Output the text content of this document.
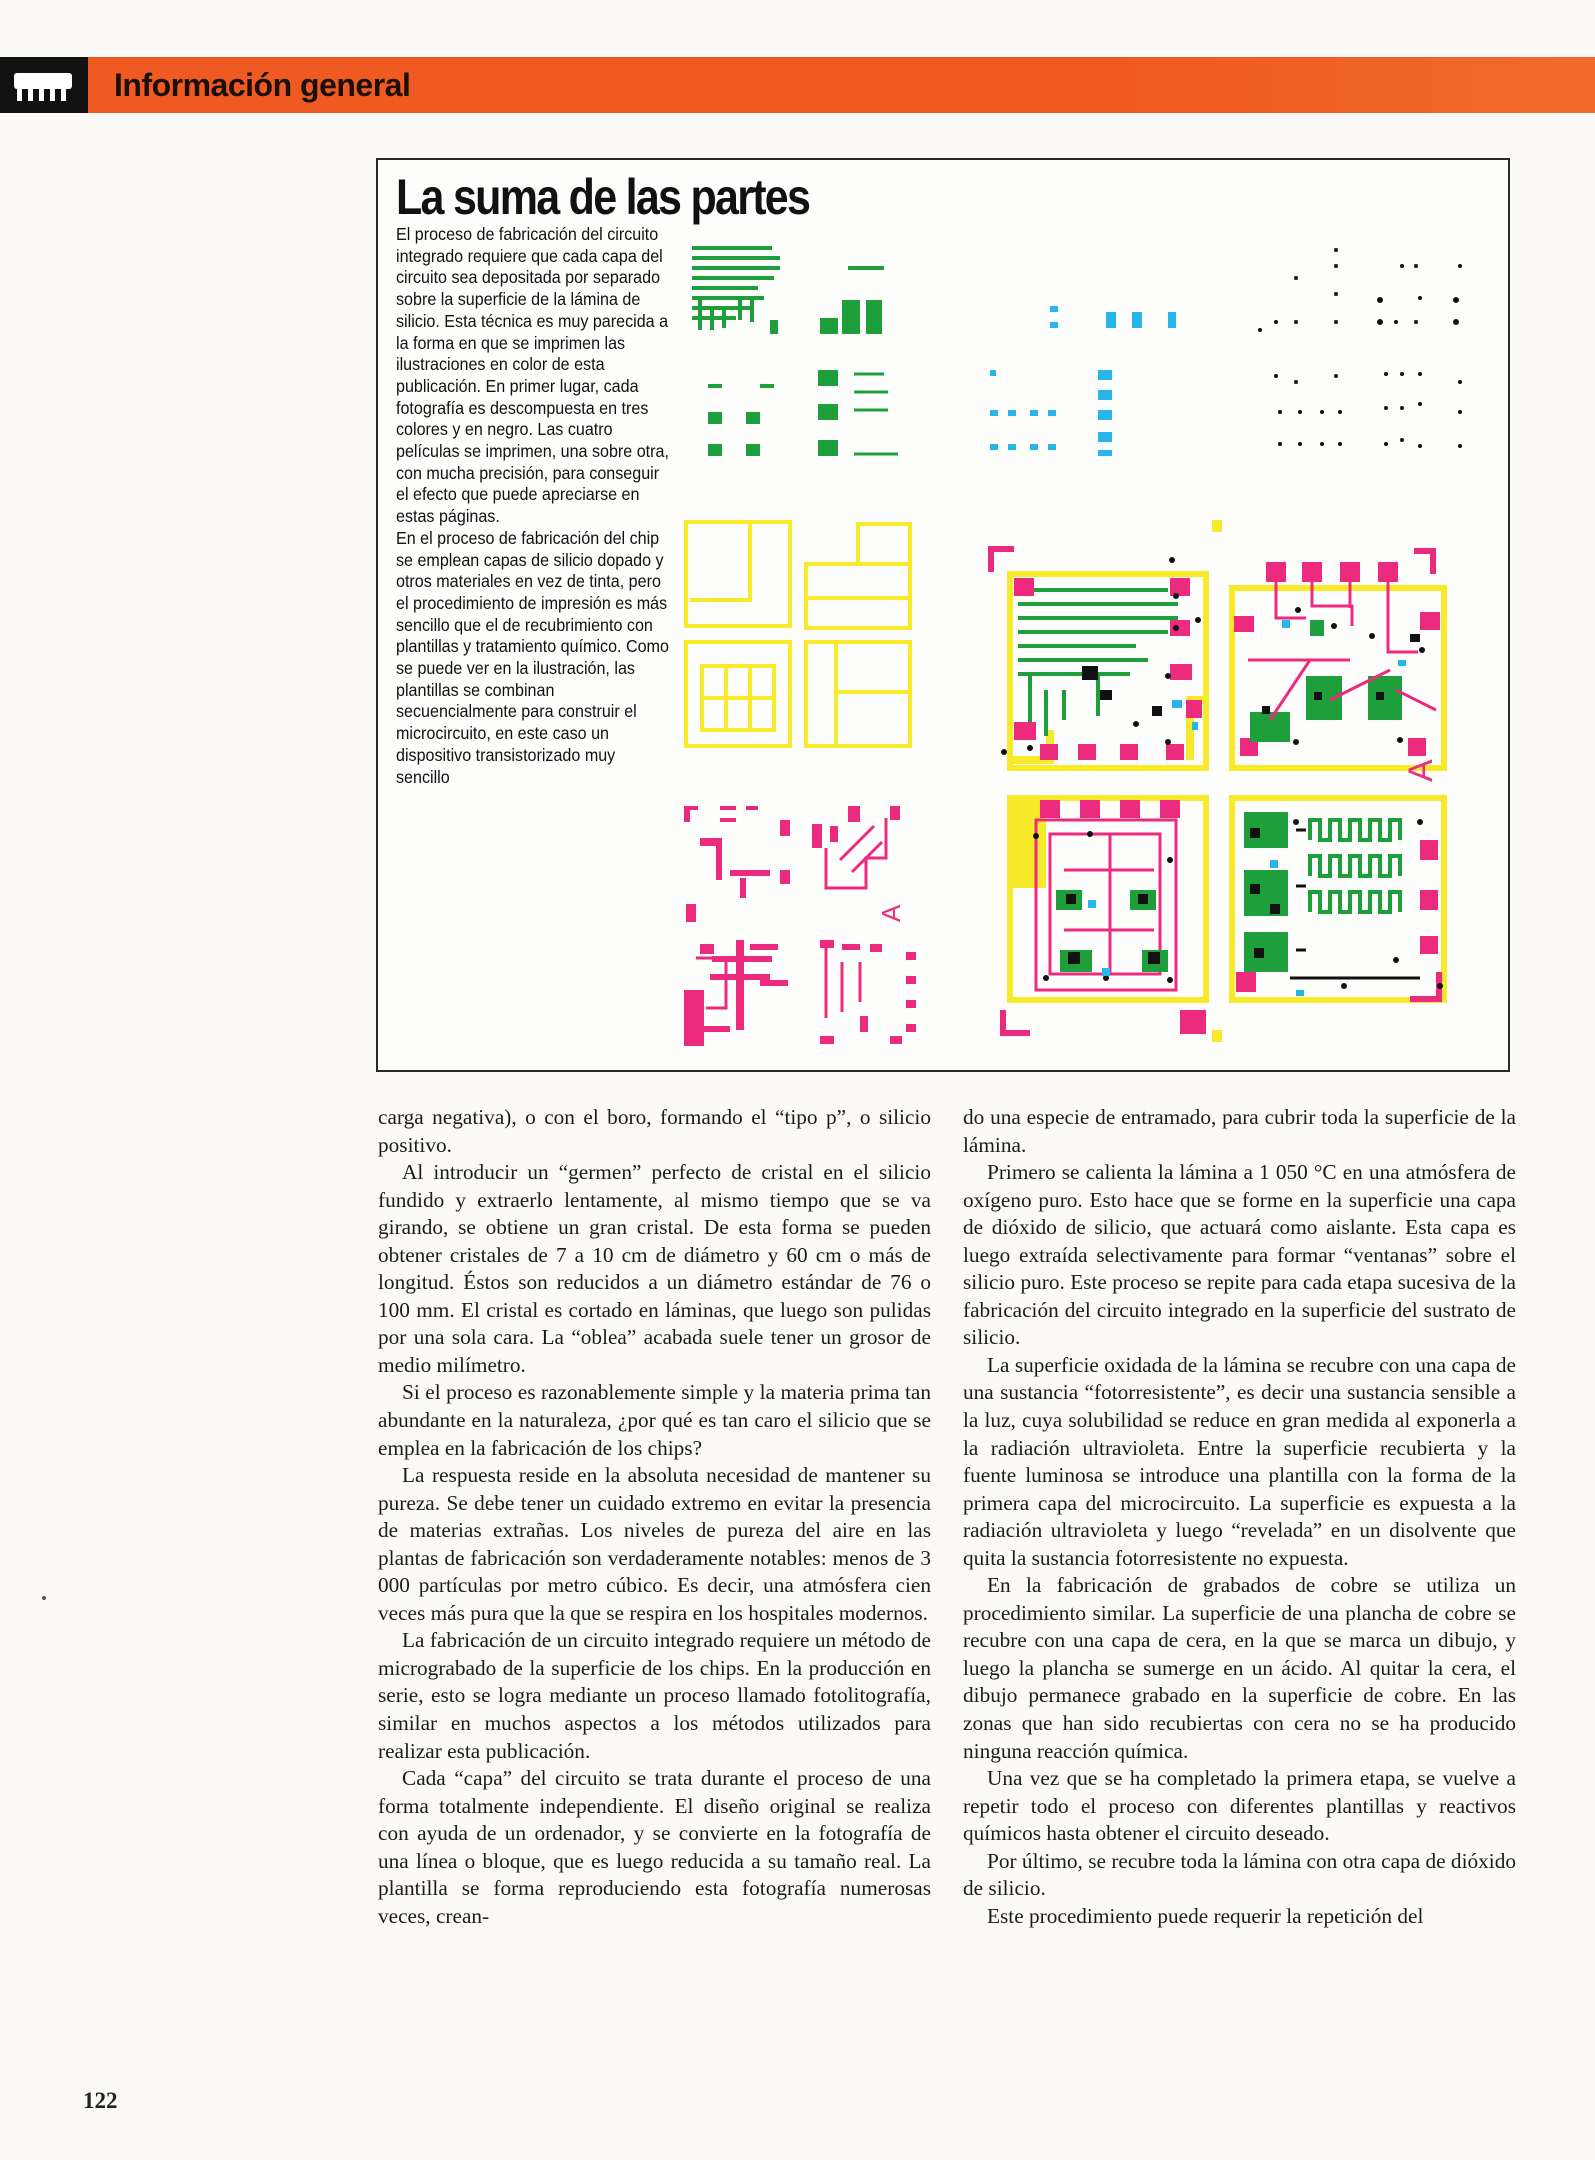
Información general
La suma de las partes

El proceso de fabricación del circuito integrado requiere que cada capa del circuito sea depositada por separado sobre la superficie de la lámina de silicio. Esta técnica es muy parecida a la forma en que se imprimen las ilustraciones en color de esta publicación. En primer lugar, cada fotografía es descompuesta en tres colores y en negro. Las cuatro películas se imprimen, una sobre otra, con mucha precisión, para conseguir el efecto que puede apreciarse en estas páginas.

En el proceso de fabricación del chip se emplean capas de silicio dopado y otros materiales en vez de tinta, pero el procedimiento de impresión es más sencillo que el de recubrimiento con plantillas y tratamiento químico. Como se puede ver en la ilustración, las plantillas se combinan secuencialmente para construir el microcircuito, en este caso un dispositivo transistorizado muy sencillo

A
A

carga negativa), o con el boro, formando el “tipo p”, o silicio positivo.

Al introducir un “germen” perfecto de cristal en el silicio fundido y extraerlo lentamente, al mismo tiempo que se va girando, se obtiene un gran cristal. De esta forma se pueden obtener cristales de 7 a 10 cm de diámetro y 60 cm o más de longitud. Éstos son reducidos a un diámetro estándar de 76 o 100 mm. El cristal es cortado en láminas, que luego son pulidas por una sola cara. La “oblea” acabada suele tener un grosor de medio milímetro.

Si el proceso es razonablemente simple y la materia prima tan abundante en la naturaleza, ¿por qué es tan caro el silicio que se emplea en la fabricación de los chips?

La respuesta reside en la absoluta necesidad de mantener su pureza. Se debe tener un cuidado extremo en evitar la presencia de materias extrañas. Los niveles de pureza del aire en las plantas de fabricación son verdaderamente notables: menos de 3 000 partículas por metro cúbico. Es decir, una atmósfera cien veces más pura que la que se respira en los hospitales modernos.

La fabricación de un circuito integrado requiere un método de micrograbado de la superficie de los chips. En la producción en serie, esto se logra mediante un proceso llamado fotolitografía, similar en muchos aspectos a los métodos utilizados para realizar esta publicación.

Cada “capa” del circuito se trata durante el proceso de una forma totalmente independiente. El diseño original se realiza con ayuda de un ordenador, y se convierte en la fotografía de una línea o bloque, que es luego reducida a su tamaño real. La plantilla se forma reproduciendo esta fotografía numerosas veces, crean-

do una especie de entramado, para cubrir toda la superficie de la lámina.

Primero se calienta la lámina a 1 050 °C en una atmósfera de oxígeno puro. Esto hace que se forme en la superficie una capa de dióxido de silicio, que actuará como aislante. Esta capa es luego extraída selectivamente para formar “ventanas” sobre el silicio puro. Este proceso se repite para cada etapa sucesiva de la fabricación del circuito integrado en la superficie del sustrato de silicio.

La superficie oxidada de la lámina se recubre con una capa de una sustancia “fotorresistente”, es decir una sustancia sensible a la luz, cuya solubilidad se reduce en gran medida al exponerla a la radiación ultravioleta. Entre la superficie recubierta y la fuente luminosa se introduce una plantilla con la forma de la primera capa del microcircuito. La superficie es expuesta a la radiación ultravioleta y luego “revelada” en un disolvente que quita la sustancia fotorresistente no expuesta.

En la fabricación de grabados de cobre se utiliza un procedimiento similar. La superficie de una plancha de cobre se recubre con una capa de cera, en la que se marca un dibujo, y luego la plancha se sumerge en un ácido. Al quitar la cera, el dibujo permanece grabado en la superficie de cobre. En las zonas que han sido recubiertas con cera no se ha producido ninguna reacción química.

Una vez que se ha completado la primera etapa, se vuelve a repetir todo el proceso con diferentes plantillas y reactivos químicos hasta obtener el circuito deseado.

Por último, se recubre toda la lámina con otra capa de dióxido de silicio.

Este procedimiento puede requerir la repetición del

122
